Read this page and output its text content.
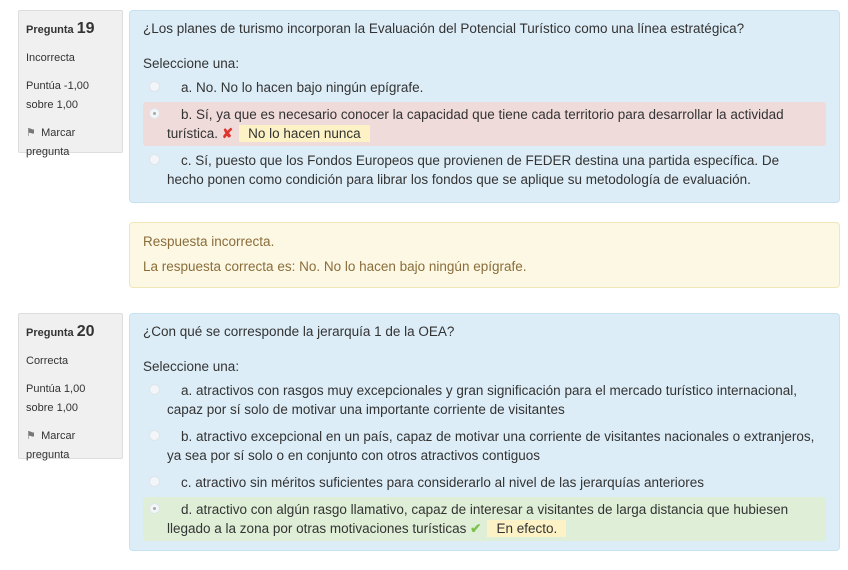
Pregunta 19

Incorrecta

Puntúa -1,00 sobre 1,00

⚑ Marcar pregunta

¿Los planes de turismo incorporan la Evaluación del Potencial Turístico como una línea estratégica?

Seleccione una:

a. No. No lo hacen bajo ningún epígrafe.
b. Sí, ya que es necesario conocer la capacidad que tiene cada territorio para desarrollar la actividad turística. ✘ No lo hacen nunca
c. Sí, puesto que los Fondos Europeos que provienen de FEDER destina una partida específica. De hecho ponen como condición para librar los fondos que se aplique su metodología de evaluación.

Respuesta incorrecta.

La respuesta correcta es: No. No lo hacen bajo ningún epígrafe.

Pregunta 20

Correcta

Puntúa 1,00 sobre 1,00

⚑ Marcar pregunta

¿Con qué se corresponde la jerarquía 1 de la OEA?

Seleccione una:

a. atractivos con rasgos muy excepcionales y gran significación para el mercado turístico internacional, capaz por sí solo de motivar una importante corriente de visitantes
b. atractivo excepcional en un país, capaz de motivar una corriente de visitantes nacionales o extranjeros, ya sea por sí solo o en conjunto con otros atractivos contiguos
c. atractivo sin méritos suficientes para considerarlo al nivel de las jerarquías anteriores
d. atractivo con algún rasgo llamativo, capaz de interesar a visitantes de larga distancia que hubiesen llegado a la zona por otras motivaciones turísticas ✔ En efecto.
